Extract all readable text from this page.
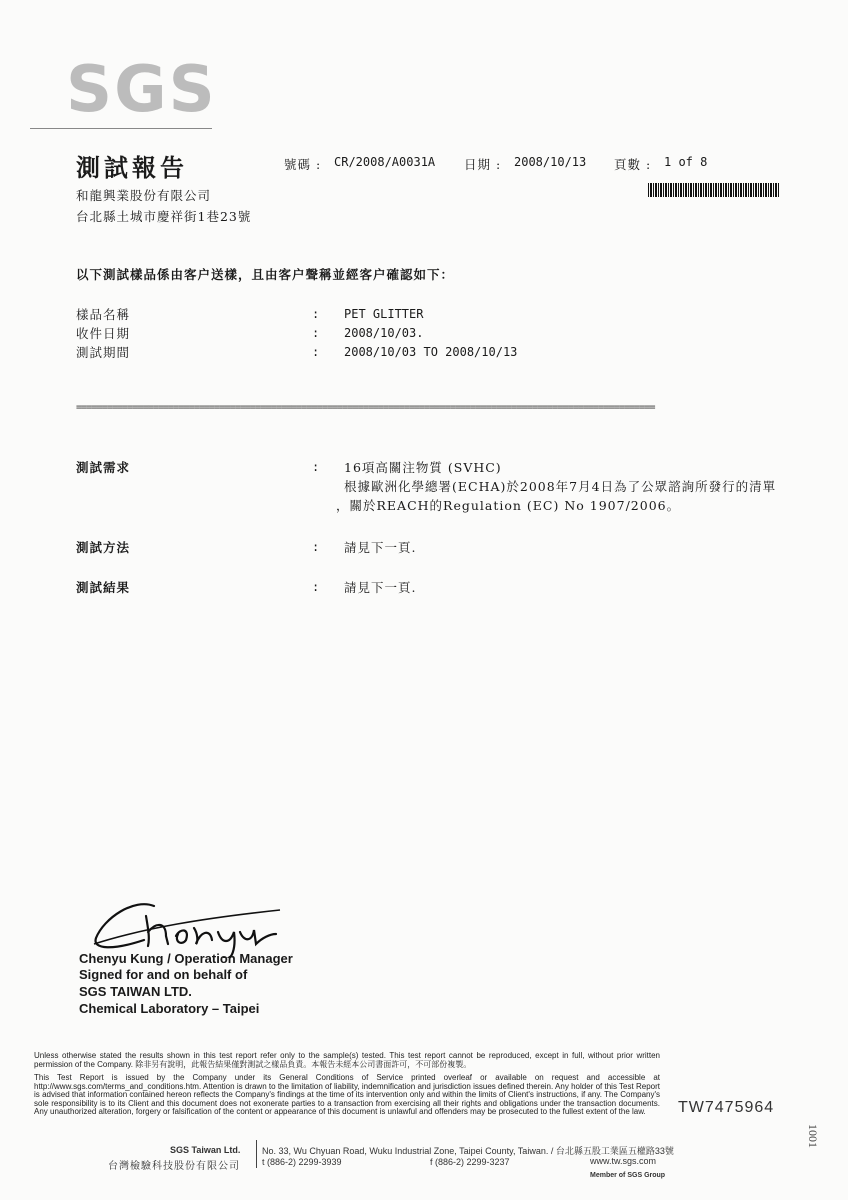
SGS
測試報告	號碼 : CR/2008/A0031A 日期 : 2008/10/13 頁數 : 1 of 8
和龍興業股份有限公司
台北縣土城市慶祥街1巷23號
以下測試樣品係由客户送樣，且由客户聲稱並經客户確認如下：
樣品名稱	: PET GLITTER
收件日期	: 2008/10/03.
測試期間	: 2008/10/03 TO 2008/10/13
=================================================================================================================
測試需求	: 16項高關注物質 (SVHC)
根據歐洲化學總署(ECHA)於2008年7月4日為了公眾諮詢所發行的清單
，關於REACH的Regulation (EC) No 1907/2006。
測試方法	: 請見下一頁.
測試結果	: 請見下一頁.
Chenyu Kung / Operation Manager
Signed for and on behalf of
SGS TAIWAN LTD.
Chemical Laboratory – Taipei
Unless otherwise stated the results shown in this test report refer only to the sample(s) tested. This test report cannot be reproduced, except in full, without prior written permission of the Company. 除非另有說明，此報告結果僅對測試之樣品負責。本報告未經本公司書面許可，不可部份複製。
This Test Report is issued by the Company under its General Conditions of Service printed overleaf or available on request and accessible at http://www.sgs.com/terms_and_conditions.htm. Attention is drawn to the limitation of liability, indemnification and jurisdiction issues defined therein. Any holder of this Test Report is advised that information contained hereon reflects the Company's findings at the time of its intervention only and within the limits of Client's instructions, if any. The Company's sole responsibility is to its Client and this document does not exonerate parties to a transaction from exercising all their rights and obligations under the transaction documents. Any unauthorized alteration, forgery or falsification of the content or appearance of this document is unlawful and offenders may be prosecuted to the fullest extent of the law.	TW7475964
1001
SGS Taiwan Ltd.
台灣檢驗科技股份有限公司
No. 33, Wu Chyuan Road, Wuku Industrial Zone, Taipei County, Taiwan. / 台北縣五股工業區五權路33號
t (886-2) 2299-3939	f (886-2) 2299-3237	www.tw.sgs.com
Member of SGS Group
